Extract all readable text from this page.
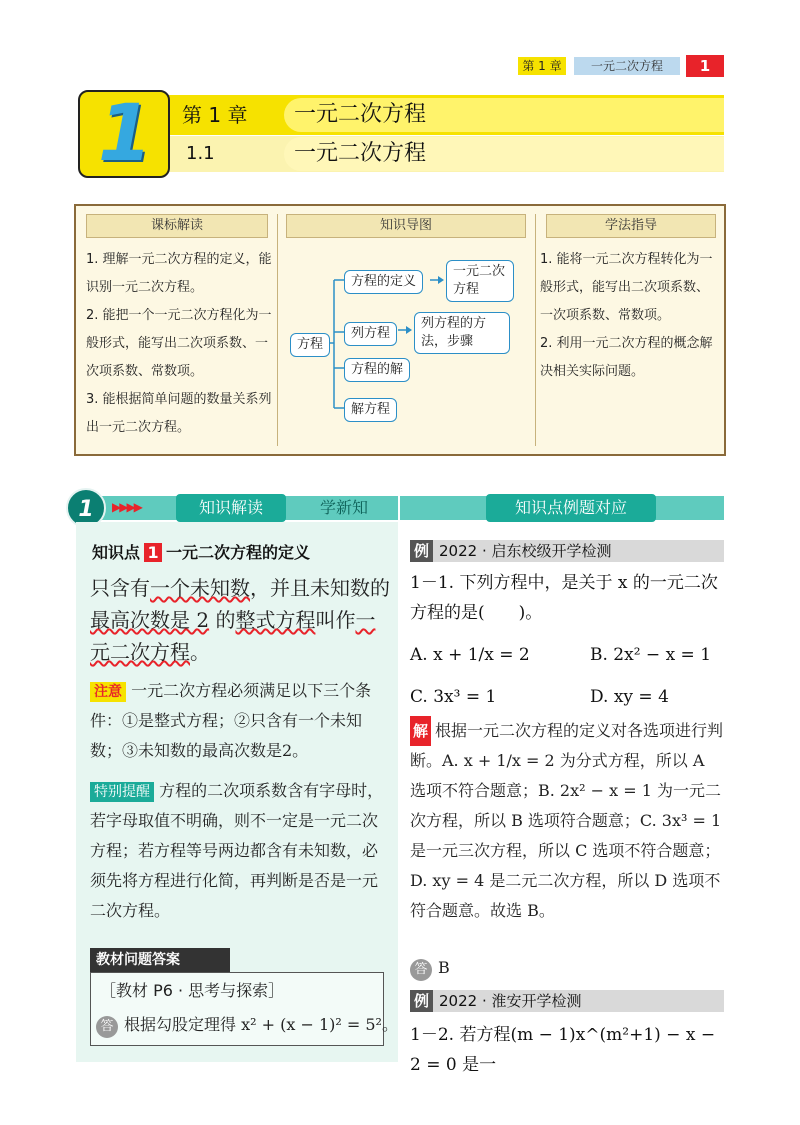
第 1 章	一元二次方程	1
1	第 1 章	一元二次方程
1.1	一元二次方程
课标解读	知识导图	学法指导

1. 理解一元二次方程的定义，能识别一元二次方程。

2. 能把一个一元二次方程化为一般形式，能写出二次项系数、一次项系数、常数项。

3. 能根据简单问题的数量关系列出一元二次方程。

方程
方程的定义
列方程
方程的解
解方程
一元二次方程
列方程的方法，步骤

1. 能将一元二次方程转化为一般形式，能写出二次项系数、一次项系数、常数项。

2. 利用一元二次方程的概念解决相关实际问题。

1	▶▶▶▶	知识解读	学新知	知识点例题对应
知识点 1 一元二次方程的定义
只含有一个未知数，并且未知数的最高次数是 2 的整式方程叫作一元二次方程。
注意 一元二次方程必须满足以下三个条件：①是整式方程；②只含有一个未知数；③未知数的最高次数是2。
特别提醒 方程的二次项系数含有字母时，若字母取值不明确，则不一定是一元二次方程；若方程等号两边都含有未知数，必须先将方程进行化简，再判断是否是一元二次方程。
教材问题答案
［教材 P6 · 思考与探索］
答 根据勾股定理得 x² + (x − 1)² = 5²。
例 2022 · 启东校级开学检测
1－1. 下列方程中，是关于 x 的一元二次方程的是(　　)。
A. x + 1/x = 2	B. 2x² − x = 1
C. 3x³ = 1	D. xy = 4
解 根据一元二次方程的定义对各选项进行判断。A. x + 1/x = 2 为分式方程，所以 A 选项不符合题意；B. 2x² − x = 1 为一元二次方程，所以 B 选项符合题意；C. 3x³ = 1 是一元三次方程，所以 C 选项不符合题意；D. xy = 4 是二元二次方程，所以 D 选项不符合题意。故选 B。
答 B
例 2022 · 淮安开学检测
1－2. 若方程(m − 1)x^(m²+1) − x − 2 = 0 是一
